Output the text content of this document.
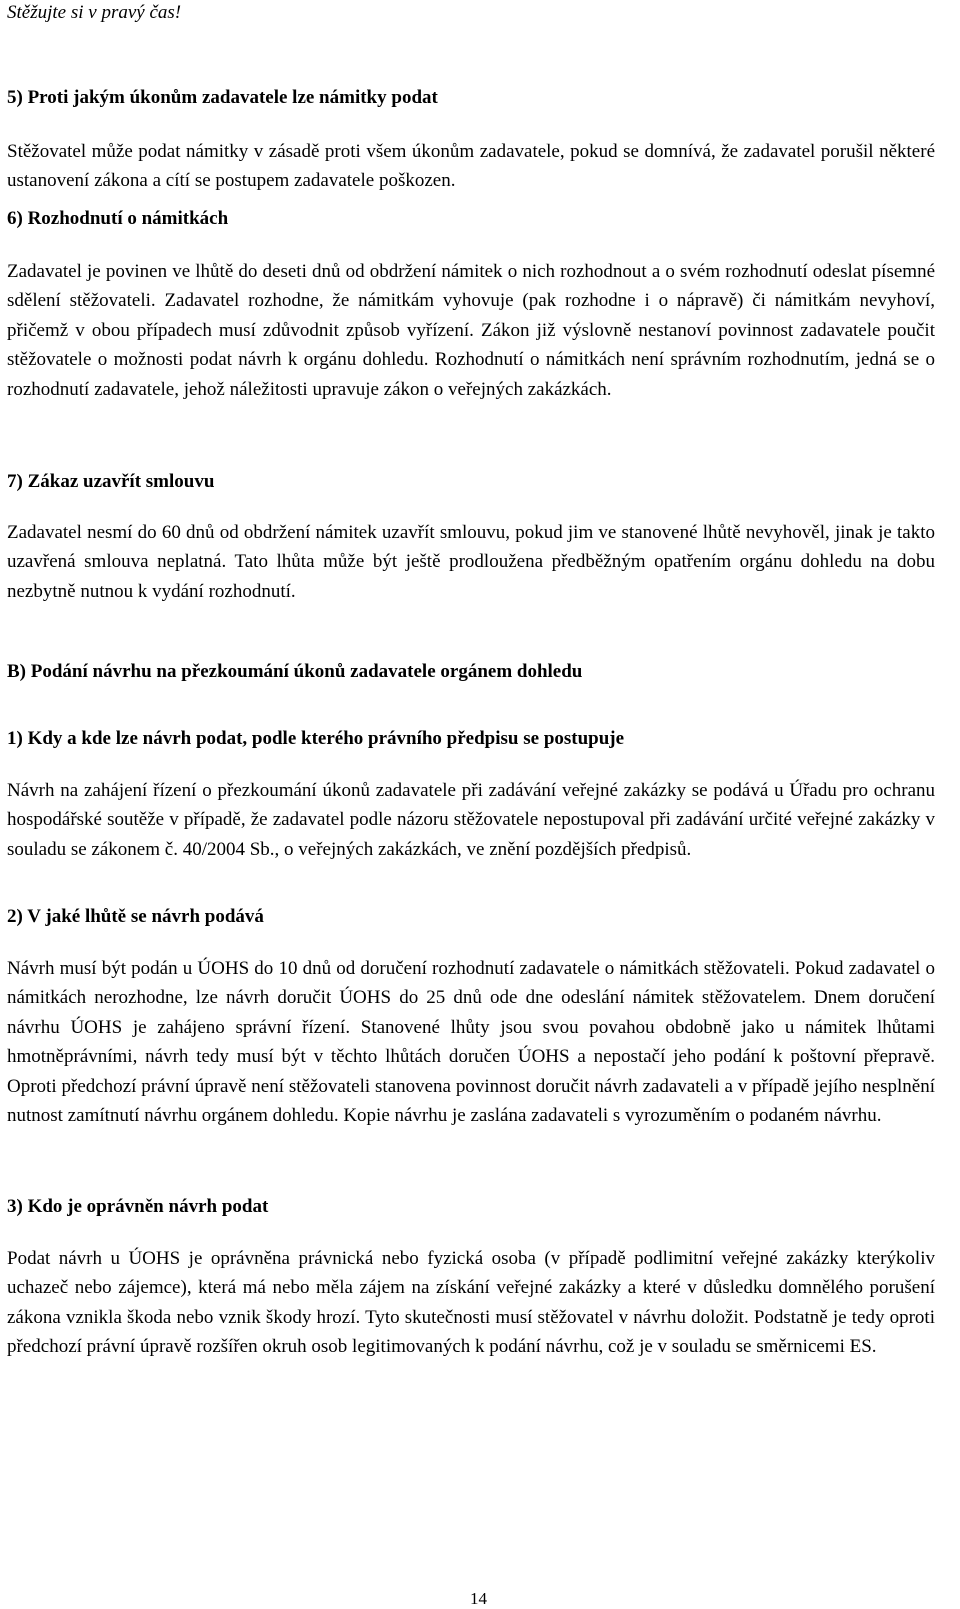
Stěžujte si v pravý čas!
5) Proti jakým úkonům zadavatele lze námitky podat
Stěžovatel může podat námitky v zásadě proti všem úkonům zadavatele, pokud se domnívá, že zadavatel porušil některé ustanovení zákona a cítí se postupem zadavatele poškozen.
6) Rozhodnutí o námitkách
Zadavatel je povinen ve lhůtě do deseti dnů od obdržení námitek o nich rozhodnout a o svém rozhodnutí odeslat písemné sdělení stěžovateli. Zadavatel rozhodne, že námitkám vyhovuje (pak rozhodne i o nápravě) či námitkám nevyhoví, přičemž v obou případech musí zdůvodnit způsob vyřízení. Zákon již výslovně nestanoví povinnost zadavatele poučit stěžovatele o možnosti podat návrh k orgánu dohledu. Rozhodnutí o námitkách není správním rozhodnutím, jedná se o rozhodnutí zadavatele, jehož náležitosti upravuje zákon o veřejných zakázkách.
7) Zákaz uzavřít smlouvu
Zadavatel nesmí do 60 dnů od obdržení námitek uzavřít smlouvu, pokud jim ve stanovené lhůtě nevyhověl, jinak je takto uzavřená smlouva neplatná. Tato lhůta může být ještě prodloužena předběžným opatřením orgánu dohledu na dobu nezbytně nutnou k vydání rozhodnutí.
B) Podání návrhu na přezkoumání úkonů zadavatele orgánem dohledu
1) Kdy a kde lze návrh podat, podle kterého právního předpisu se postupuje
Návrh na zahájení řízení o přezkoumání úkonů zadavatele při zadávání veřejné zakázky se podává u Úřadu pro ochranu hospodářské soutěže v případě, že zadavatel podle názoru stěžovatele nepostupoval při zadávání určité veřejné zakázky v souladu se zákonem č. 40/2004 Sb., o veřejných zakázkách, ve znění pozdějších předpisů.
2) V jaké lhůtě se návrh podává
Návrh musí být podán u ÚOHS do 10 dnů od doručení rozhodnutí zadavatele o námitkách stěžovateli. Pokud zadavatel o námitkách nerozhodne, lze návrh doručit ÚOHS do 25 dnů ode dne odeslání námitek stěžovatelem. Dnem doručení návrhu ÚOHS je zahájeno správní řízení. Stanovené lhůty jsou svou povahou obdobně jako u námitek lhůtami hmotněprávními, návrh tedy musí být v těchto lhůtách doručen ÚOHS a nepostačí jeho podání k poštovní přepravě. Oproti předchozí právní úpravě není stěžovateli stanovena povinnost doručit návrh zadavateli a v případě jejího nesplnění nutnost zamítnutí návrhu orgánem dohledu. Kopie návrhu je zaslána zadavateli s vyrozuměním o podaném návrhu.
3) Kdo je oprávněn návrh podat
Podat návrh u ÚOHS je oprávněna právnická nebo fyzická osoba (v případě podlimitní veřejné zakázky kterýkoliv uchazeč nebo zájemce), která má nebo měla zájem na získání veřejné zakázky a které v důsledku domnělého porušení zákona vznikla škoda nebo vznik škody hrozí. Tyto skutečnosti musí stěžovatel v návrhu doložit. Podstatně je tedy oproti předchozí právní úpravě rozšířen okruh osob legitimovaných k podání návrhu, což je v souladu se směrnicemi ES.
14
